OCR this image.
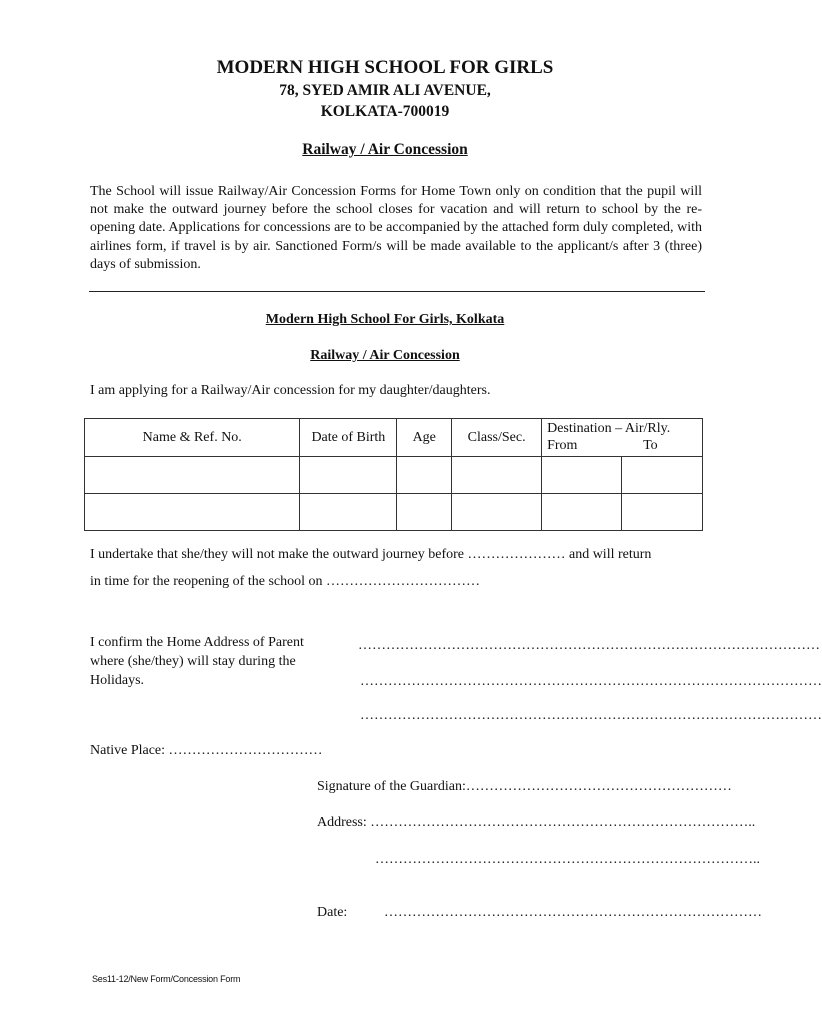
MODERN HIGH SCHOOL FOR GIRLS
78, SYED AMIR ALI AVENUE,
KOLKATA-700019
Railway / Air Concession
The School will issue Railway/Air Concession Forms for Home Town only on condition that the pupil will not make the outward journey before the school closes for vacation and will return to school by the re-opening date. Applications for concessions are to be accompanied by the attached form duly completed, with airlines form, if travel is by air. Sanctioned Form/s will be made available to the applicant/s after 3 (three) days of submission.
Modern High School For Girls, Kolkata
Railway / Air Concession
I am applying for a Railway/Air concession for my daughter/daughters.
Name & Ref. No.	Date of Birth	Age	Class/Sec.	Destination – Air/Rly.
From To	

I undertake that she/they will not make the outward journey before ………………… and will return
in time for the reopening of the school on ……………………………
I confirm the Home Address of Parent
where (she/they) will stay during the
Holidays.
………………………………………………………………………………………
………………………………………………………………………………………
………………………………………………………………………………………
Native Place: ……………………………
Signature of the Guardian:…………………………………………………
Address: ………………………………………………………………………..
………………………………………………………………………..
Date:	………………………………………………………………………
Ses11-12/New Form/Concession Form
